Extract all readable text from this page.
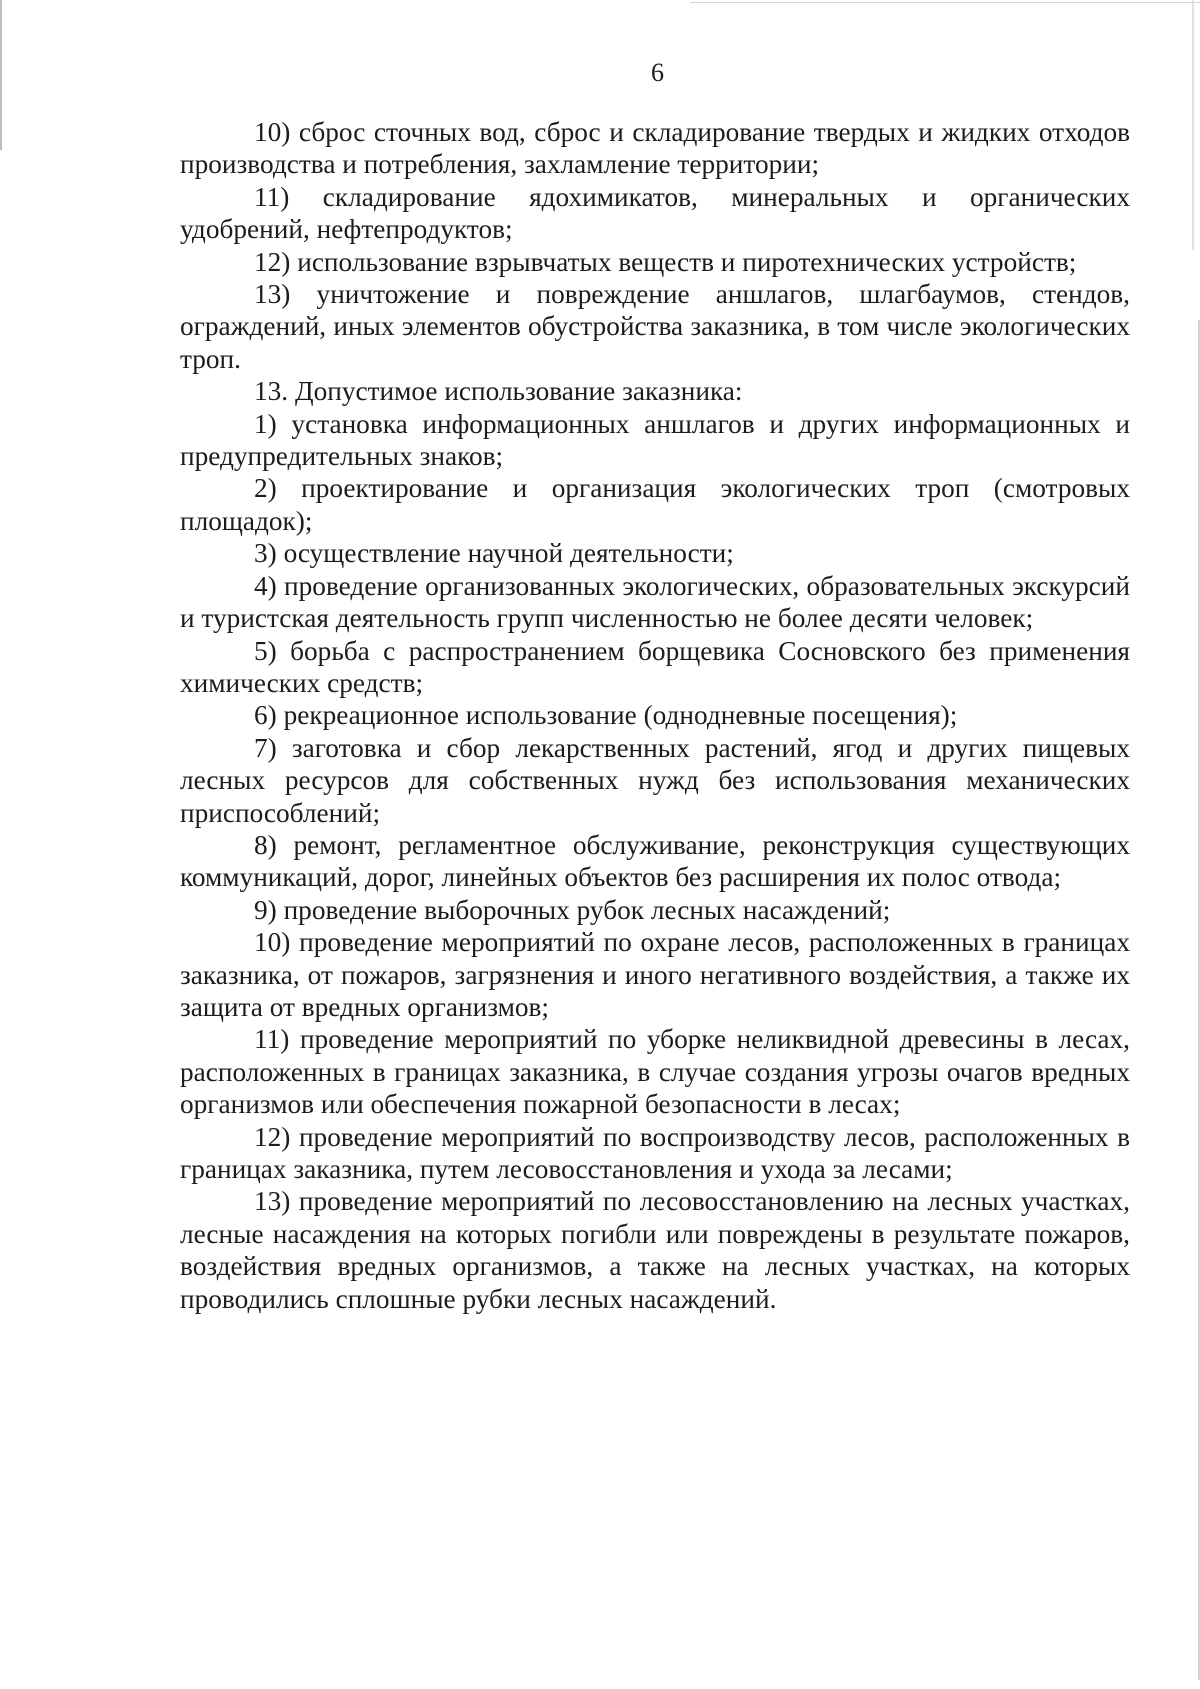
6

10) сброс сточных вод, сброс и складирование твердых и жидких отходов производства и потребления, захламление территории;

11) складирование ядохимикатов, минеральных и органических удобрений, нефтепродуктов;

12) использование взрывчатых веществ и пиротехнических устройств;

13) уничтожение и повреждение аншлагов, шлагбаумов, стендов, ограждений, иных элементов обустройства заказника, в том числе экологических троп.

13. Допустимое использование заказника:

1) установка информационных аншлагов и других информационных и предупредительных знаков;

2) проектирование и организация экологических троп (смотровых площадок);

3) осуществление научной деятельности;

4) проведение организованных экологических, образовательных экскурсий и туристская деятельность групп численностью не более десяти человек;

5) борьба с распространением борщевика Сосновского без применения химических средств;

6) рекреационное использование (однодневные посещения);

7) заготовка и сбор лекарственных растений, ягод и других пищевых лесных ресурсов для собственных нужд без использования механических приспособлений;

8) ремонт, регламентное обслуживание, реконструкция существующих коммуникаций, дорог, линейных объектов без расширения их полос отвода;

9) проведение выборочных рубок лесных насаждений;

10) проведение мероприятий по охране лесов, расположенных в границах заказника, от пожаров, загрязнения и иного негативного воздействия, а также их защита от вредных организмов;

11) проведение мероприятий по уборке неликвидной древесины в лесах, расположенных в границах заказника, в случае создания угрозы очагов вредных организмов или обеспечения пожарной безопасности в лесах;

12) проведение мероприятий по воспроизводству лесов, расположенных в границах заказника, путем лесовосстановления и ухода за лесами;

13) проведение мероприятий по лесовосстановлению на лесных участках, лесные насаждения на которых погибли или повреждены в результате пожаров, воздействия вредных организмов, а также на лесных участках, на которых проводились сплошные рубки лесных насаждений.
